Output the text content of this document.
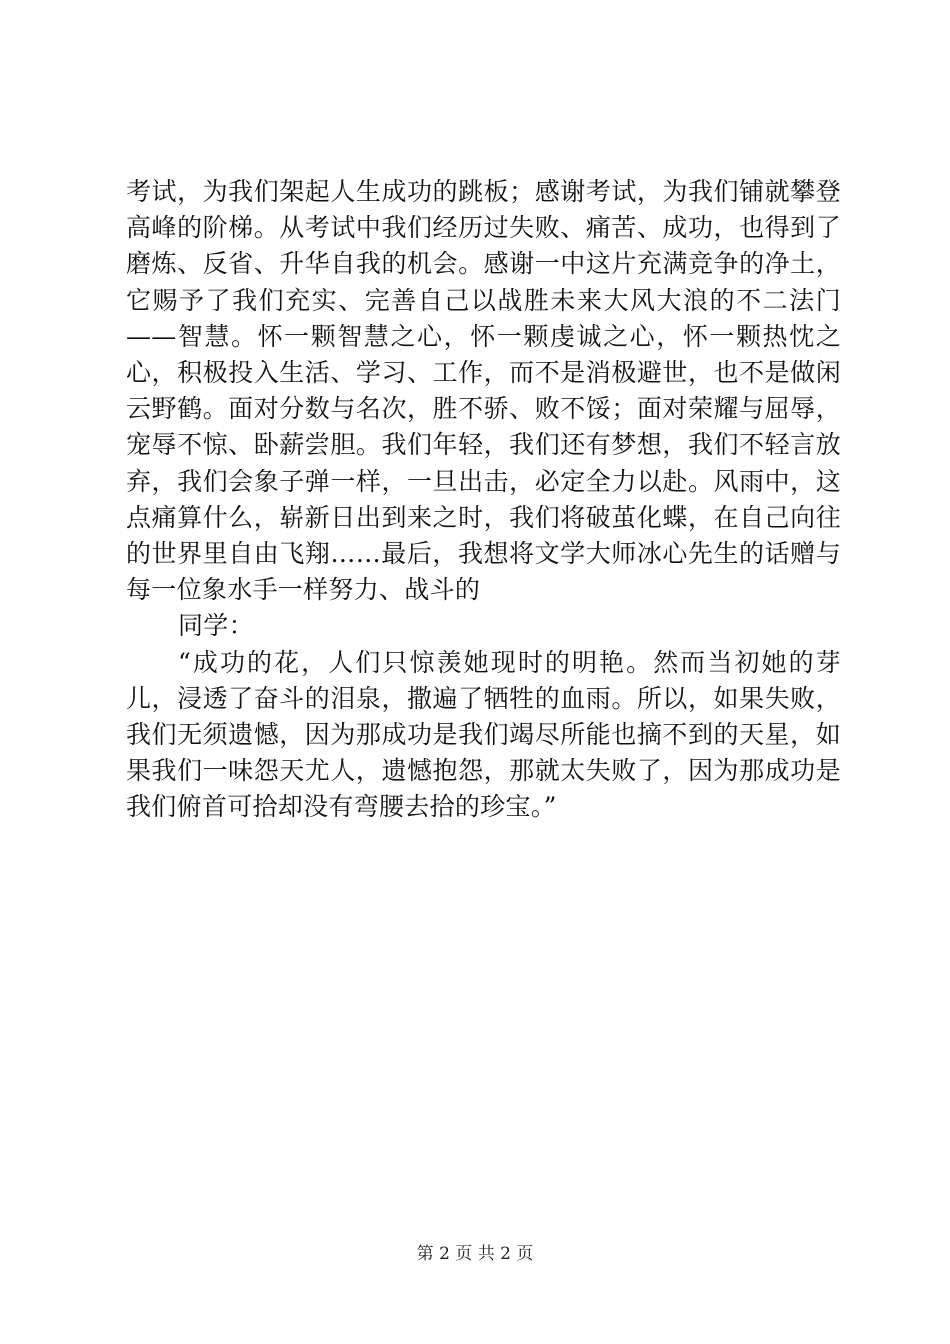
考试，为我们架起人生成功的跳板；感谢考试，为我们铺就攀登高峰的阶梯。从考试中我们经历过失败、痛苦、成功，也得到了磨炼、反省、升华自我的机会。感谢一中这片充满竞争的净土，它赐予了我们充实、完善自己以战胜未来大风大浪的不二法门——智慧。怀一颗智慧之心，怀一颗虔诚之心，怀一颗热忱之心，积极投入生活、学习、工作，而不是消极避世，也不是做闲云野鹤。面对分数与名次，胜不骄、败不馁；面对荣耀与屈辱，宠辱不惊、卧薪尝胆。我们年轻，我们还有梦想，我们不轻言放弃，我们会象子弹一样，一旦出击，必定全力以赴。风雨中，这点痛算什么，崭新日出到来之时，我们将破茧化蝶，在自己向往的世界里自由飞翔……最后，我想将文学大师冰心先生的话赠与每一位象水手一样努力、战斗的

同学：

“成功的花，人们只惊羡她现时的明艳。然而当初她的芽儿，浸透了奋斗的泪泉，撒遍了牺牲的血雨。所以，如果失败，我们无须遗憾，因为那成功是我们竭尽所能也摘不到的天星，如果我们一味怨天尤人，遗憾抱怨，那就太失败了，因为那成功是我们俯首可拾却没有弯腰去拾的珍宝。”

第 2 页 共 2 页
